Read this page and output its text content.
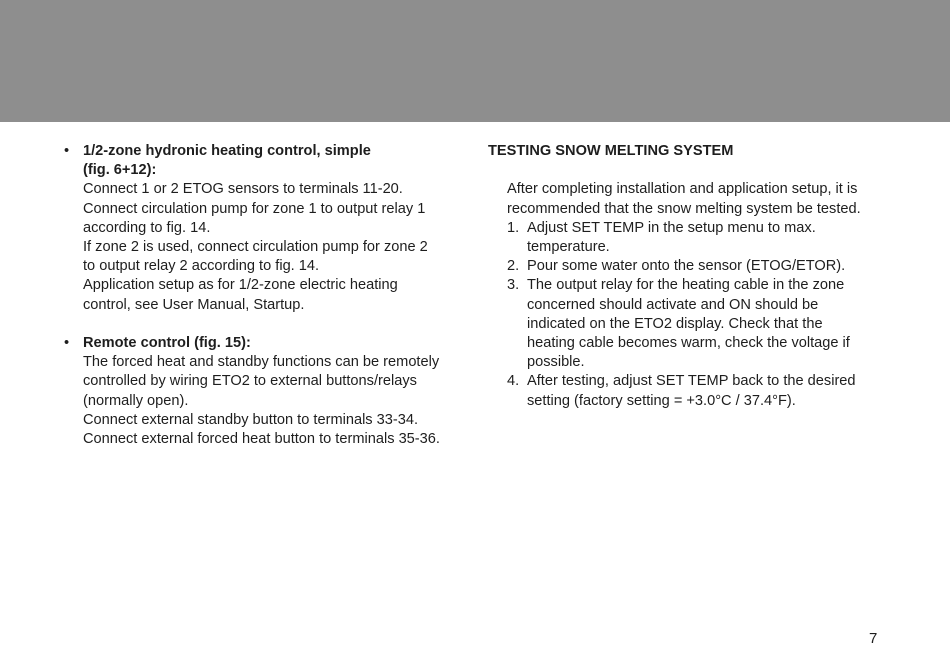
• 1/2-zone hydronic heating control, simple
(fig. 6+12):
Connect 1 or 2 ETOG sensors to terminals 11-20.
Connect circulation pump for zone 1 to output relay 1
according to fig. 14.
If zone 2 is used, connect circulation pump for zone 2
to output relay 2 according to fig. 14.
Application setup as for 1/2-zone electric heating
control, see User Manual, Startup.
• Remote control (fig. 15):
The forced heat and standby functions can be remotely
controlled by wiring ETO2 to external buttons/relays
(normally open).
Connect external standby button to terminals 33-34.
Connect external forced heat button to terminals 35-36.
TESTING SNOW MELTING SYSTEM
After completing installation and application setup, it is
recommended that the snow melting system be tested.
1. Adjust SET TEMP in the setup menu to max.
temperature.
2. Pour some water onto the sensor (ETOG/ETOR).
3. The output relay for the heating cable in the zone
concerned should activate and ON should be
indicated on the ETO2 display. Check that the
heating cable becomes warm, check the voltage if
possible.
4. After testing, adjust SET TEMP back to the desired
setting (factory setting = +3.0°C / 37.4°F).
7
